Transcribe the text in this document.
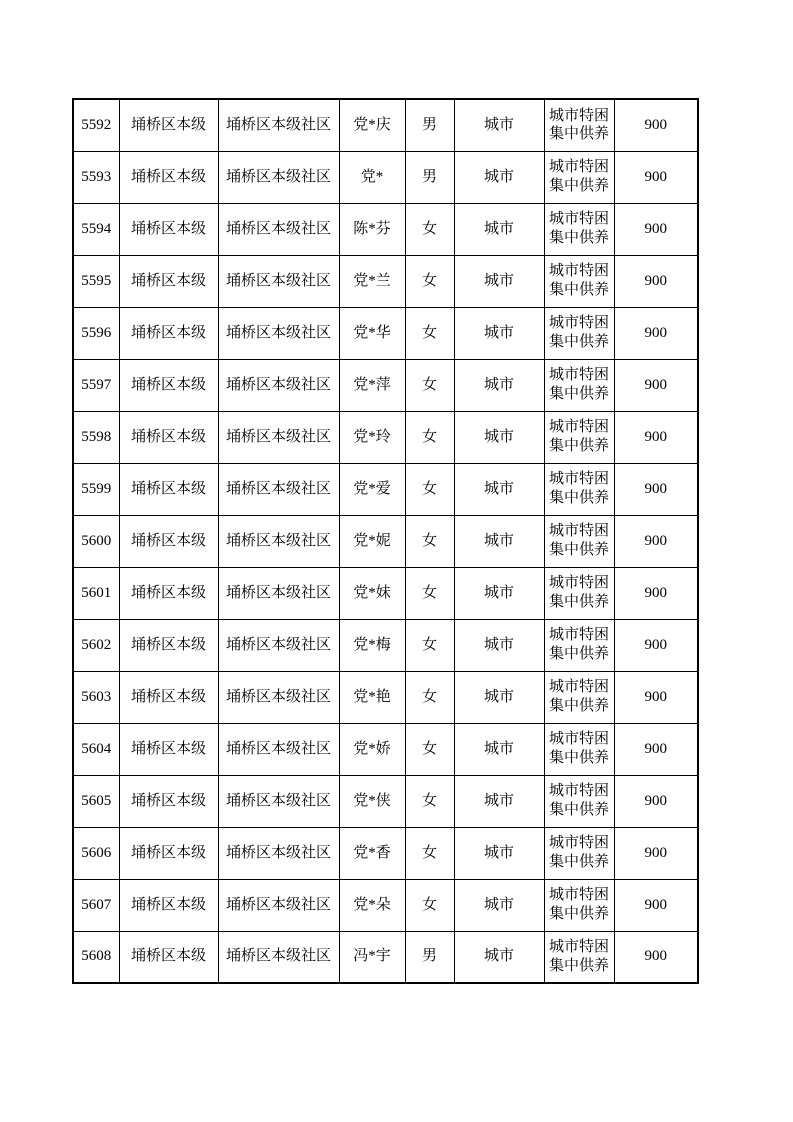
5592	埇桥区本级	埇桥区本级社区	党*庆	男	城市	城市特困集中供养	900
5593	埇桥区本级	埇桥区本级社区	党*	男	城市	城市特困集中供养	900
5594	埇桥区本级	埇桥区本级社区	陈*芬	女	城市	城市特困集中供养	900
5595	埇桥区本级	埇桥区本级社区	党*兰	女	城市	城市特困集中供养	900
5596	埇桥区本级	埇桥区本级社区	党*华	女	城市	城市特困集中供养	900
5597	埇桥区本级	埇桥区本级社区	党*萍	女	城市	城市特困集中供养	900
5598	埇桥区本级	埇桥区本级社区	党*玲	女	城市	城市特困集中供养	900
5599	埇桥区本级	埇桥区本级社区	党*爱	女	城市	城市特困集中供养	900
5600	埇桥区本级	埇桥区本级社区	党*妮	女	城市	城市特困集中供养	900
5601	埇桥区本级	埇桥区本级社区	党*妹	女	城市	城市特困集中供养	900
5602	埇桥区本级	埇桥区本级社区	党*梅	女	城市	城市特困集中供养	900
5603	埇桥区本级	埇桥区本级社区	党*艳	女	城市	城市特困集中供养	900
5604	埇桥区本级	埇桥区本级社区	党*娇	女	城市	城市特困集中供养	900
5605	埇桥区本级	埇桥区本级社区	党*侠	女	城市	城市特困集中供养	900
5606	埇桥区本级	埇桥区本级社区	党*香	女	城市	城市特困集中供养	900
5607	埇桥区本级	埇桥区本级社区	党*朵	女	城市	城市特困集中供养	900
5608	埇桥区本级	埇桥区本级社区	冯*宇	男	城市	城市特困集中供养	900
